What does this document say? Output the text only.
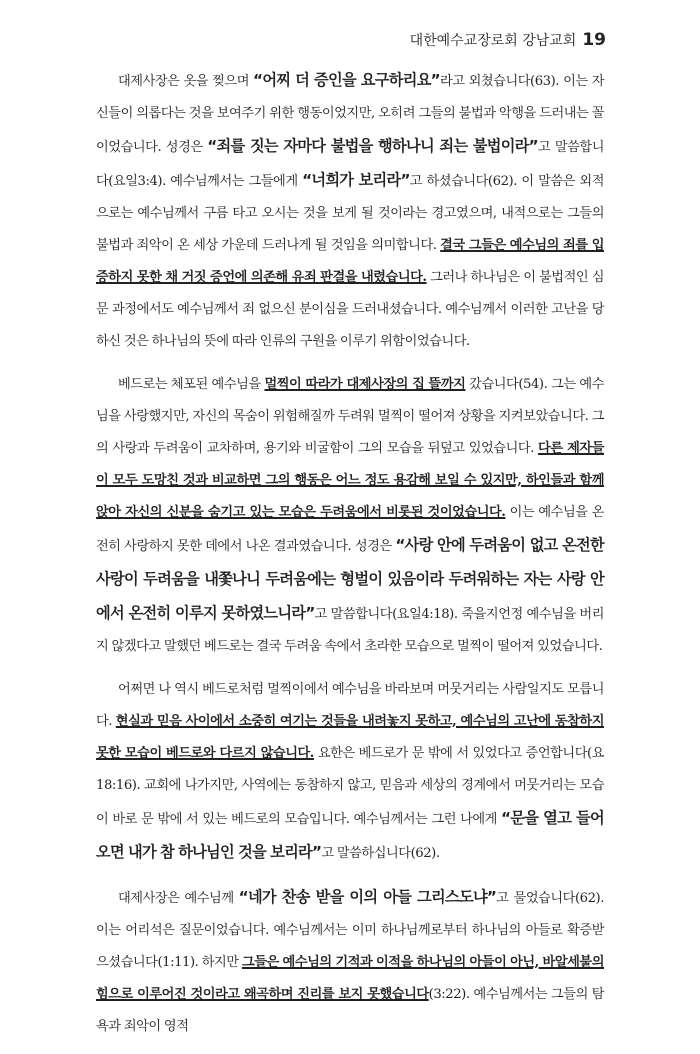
대한예수교장로회 강남교회 19

대제사장은 옷을 찢으며 “어찌 더 증인을 요구하리요”라고 외쳤습니다(63). 이는 자신들이 의롭다는 것을 보여주기 위한 행동이었지만, 오히려 그들의 불법과 악행을 드러내는 꼴이었습니다. 성경은 “죄를 짓는 자마다 불법을 행하나니 죄는 불법이라”고 말씀합니다(요일3:4). 예수님께서는 그들에게 “너희가 보리라”고 하셨습니다(62). 이 말씀은 외적으로는 예수님께서 구름 타고 오시는 것을 보게 될 것이라는 경고였으며, 내적으로는 그들의 불법과 죄악이 온 세상 가운데 드러나게 될 것임을 의미합니다. 결국 그들은 예수님의 죄를 입증하지 못한 채 거짓 증언에 의존해 유죄 판결을 내렸습니다. 그러나 하나님은 이 불법적인 심문 과정에서도 예수님께서 죄 없으신 분이심을 드러내셨습니다. 예수님께서 이러한 고난을 당하신 것은 하나님의 뜻에 따라 인류의 구원을 이루기 위함이었습니다.

베드로는 체포된 예수님을 멀찍이 따라가 대제사장의 집 뜰까지 갔습니다(54). 그는 예수님을 사랑했지만, 자신의 목숨이 위험해질까 두려워 멀찍이 떨어져 상황을 지켜보았습니다. 그의 사랑과 두려움이 교차하며, 용기와 비굴함이 그의 모습을 뒤덮고 있었습니다. 다른 제자들이 모두 도망친 것과 비교하면 그의 행동은 어느 정도 용감해 보일 수 있지만, 하인들과 함께 앉아 자신의 신분을 숨기고 있는 모습은 두려움에서 비롯된 것이었습니다. 이는 예수님을 온전히 사랑하지 못한 데에서 나온 결과였습니다. 성경은 “사랑 안에 두려움이 없고 온전한 사랑이 두려움을 내쫓나니 두려움에는 형벌이 있음이라 두려워하는 자는 사랑 안에서 온전히 이루지 못하였느니라”고 말씀합니다(요일4:18). 죽을지언정 예수님을 버리지 않겠다고 말했던 베드로는 결국 두려움 속에서 초라한 모습으로 멀찍이 떨어져 있었습니다.

어쩌면 나 역시 베드로처럼 멀찍이에서 예수님을 바라보며 머뭇거리는 사람일지도 모릅니다. 현실과 믿음 사이에서 소중히 여기는 것들을 내려놓지 못하고, 예수님의 고난에 동참하지 못한 모습이 베드로와 다르지 않습니다. 요한은 베드로가 문 밖에 서 있었다고 증언합니다(요18:16). 교회에 나가지만, 사역에는 동참하지 않고, 믿음과 세상의 경계에서 머뭇거리는 모습이 바로 문 밖에 서 있는 베드로의 모습입니다. 예수님께서는 그런 나에게 “문을 열고 들어오면 내가 참 하나님인 것을 보리라”고 말씀하십니다(62).

대제사장은 예수님께 “네가 찬송 받을 이의 아들 그리스도냐”고 물었습니다(62). 이는 어리석은 질문이었습니다. 예수님께서는 이미 하나님께로부터 하나님의 아들로 확증받으셨습니다(1:11). 하지만 그들은 예수님의 기적과 이적을 하나님의 아들이 아닌, 바알세불의 힘으로 이루어진 것이라고 왜곡하며 진리를 보지 못했습니다(3:22). 예수님께서는 그들의 탐욕과 죄악이 영적
